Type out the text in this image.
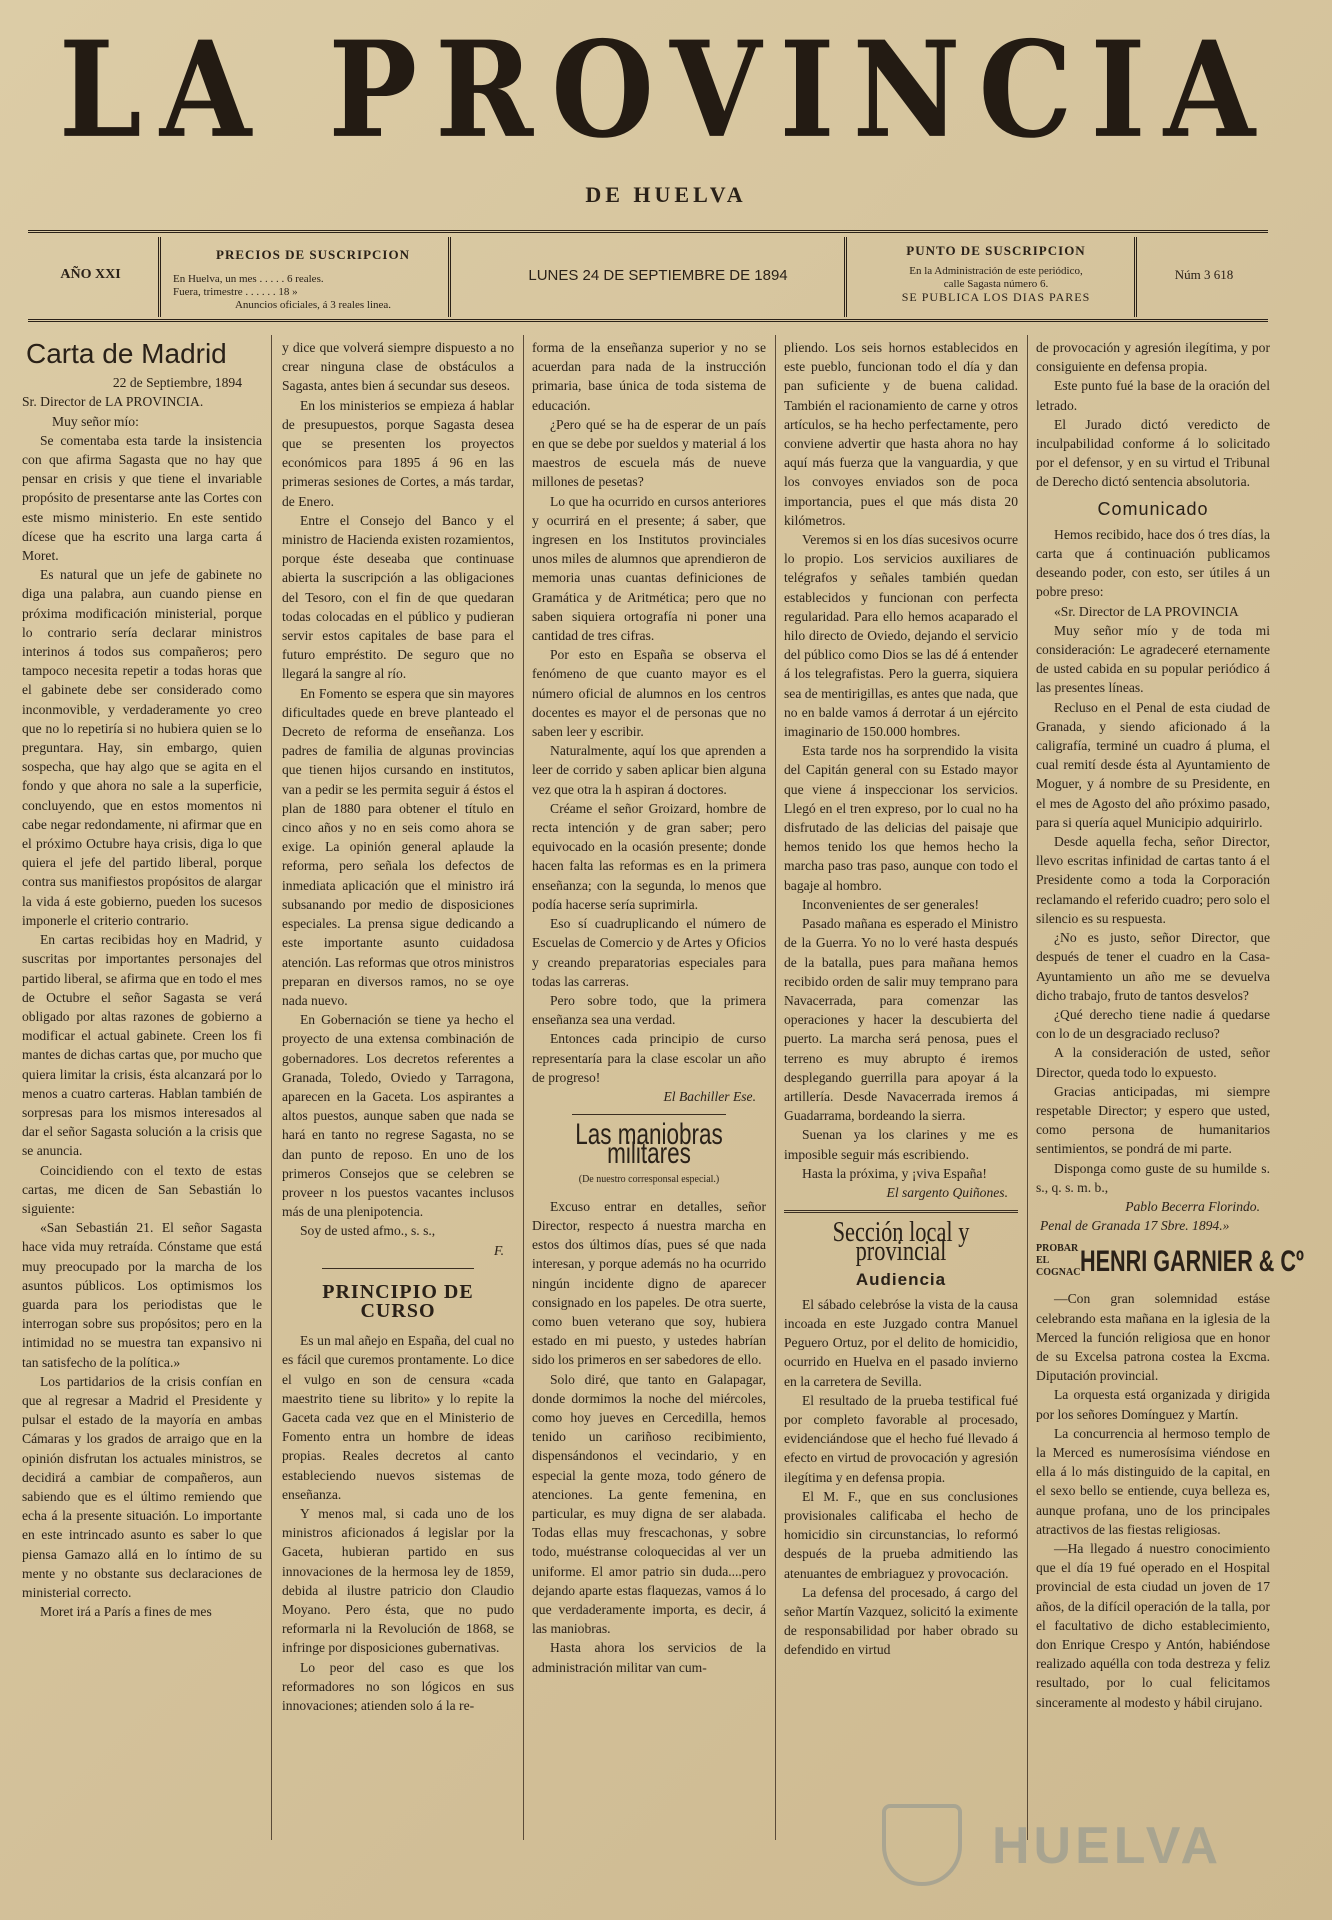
LA PROVINCIA
DE HUELVA
AÑO XXI
PRECIOS DE SUSCRIPCION
En Huelva, un mes . . . . . 6 reales.
Fuera, trimestre . . . . . . 18 »
Anuncios oficiales, á 3 reales linea.
LUNES 24 DE SEPTIEMBRE DE 1894
PUNTO DE SUSCRIPCION
En la Administración de este periódico,
calle Sagasta número 6.
SE PUBLICA LOS DIAS PARES
Núm 3 618
Carta de Madrid

22 de Septiembre, 1894

Sr. Director de LA PROVINCIA.

Muy señor mío:

Se comentaba esta tarde la insistencia con que afirma Sagasta que no hay que pensar en crisis y que tiene el invariable propósito de presentarse ante las Cortes con este mismo ministerio. En este sentido dícese que ha escrito una larga carta á Moret.

Es natural que un jefe de gabinete no diga una palabra, aun cuando piense en próxima modificación ministerial, porque lo contrario sería declarar ministros interinos á todos sus compañeros; pero tampoco necesita repetir a todas horas que el gabinete debe ser considerado como inconmovible, y verdaderamente yo creo que no lo repetiría si no hubiera quien se lo preguntara. Hay, sin embargo, quien sospecha, que hay algo que se agita en el fondo y que ahora no sale a la superficie, concluyendo, que en estos momentos ni cabe negar redondamente, ni afirmar que en el próximo Octubre haya crisis, diga lo que quiera el jefe del partido liberal, porque contra sus manifiestos propósitos de alargar la vida á este gobierno, pueden los sucesos imponerle el criterio contrario.

En cartas recibidas hoy en Madrid, y suscritas por importantes personajes del partido liberal, se afirma que en todo el mes de Octubre el señor Sagasta se verá obligado por altas razones de gobierno a modificar el actual gabinete. Creen los fi mantes de dichas cartas que, por mucho que quiera limitar la crisis, ésta alcanzará por lo menos a cuatro carteras. Hablan también de sorpresas para los mismos interesados al dar el señor Sagasta solución a la crisis que se anuncia.

Coincidiendo con el texto de estas cartas, me dicen de San Sebastián lo siguiente:

«San Sebastián 21. El señor Sagasta hace vida muy retraída. Cónstame que está muy preocupado por la marcha de los asuntos públicos. Los optimismos los guarda para los periodistas que le interrogan sobre sus propósitos; pero en la intimidad no se muestra tan expansivo ni tan satisfecho de la política.»

Los partidarios de la crisis confían en que al regresar a Madrid el Presidente y pulsar el estado de la mayoría en ambas Cámaras y los grados de arraigo que en la opinión disfrutan los actuales ministros, se decidirá a cambiar de compañeros, aun sabiendo que es el último remiendo que echa á la presente situación. Lo importante en este intrincado asunto es saber lo que piensa Gamazo allá en lo íntimo de su mente y no obstante sus declaraciones de ministerial correcto.

Moret irá a París a fines de mes

y dice que volverá siempre dispuesto a no crear ninguna clase de obstáculos a Sagasta, antes bien á secundar sus deseos.

En los ministerios se empieza á hablar de presupuestos, porque Sagasta desea que se presenten los proyectos económicos para 1895 á 96 en las primeras sesiones de Cortes, a más tardar, de Enero.

Entre el Consejo del Banco y el ministro de Hacienda existen rozamientos, porque éste deseaba que continuase abierta la suscripción a las obligaciones del Tesoro, con el fin de que quedaran todas colocadas en el público y pudieran servir estos capitales de base para el futuro empréstito. De seguro que no llegará la sangre al río.

En Fomento se espera que sin mayores dificultades quede en breve planteado el Decreto de reforma de enseñanza. Los padres de familia de algunas provincias que tienen hijos cursando en institutos, van a pedir se les permita seguir á éstos el plan de 1880 para obtener el título en cinco años y no en seis como ahora se exige. La opinión general aplaude la reforma, pero señala los defectos de inmediata aplicación que el ministro irá subsanando por medio de disposiciones especiales. La prensa sigue dedicando a este importante asunto cuidadosa atención. Las reformas que otros ministros preparan en diversos ramos, no se oye nada nuevo.

En Gobernación se tiene ya hecho el proyecto de una extensa combinación de gobernadores. Los decretos referentes a Granada, Toledo, Oviedo y Tarragona, aparecen en la Gaceta. Los aspirantes a altos puestos, aunque saben que nada se hará en tanto no regrese Sagasta, no se dan punto de reposo. En uno de los primeros Consejos que se celebren se proveer n los puestos vacantes inclusos más de una plenipotencia.

Soy de usted afmo., s. s.,

F.

PRINCIPIO DE CURSO

Es un mal añejo en España, del cual no es fácil que curemos prontamente. Lo dice el vulgo en son de censura «cada maestrito tiene su librito» y lo repite la Gaceta cada vez que en el Ministerio de Fomento entra un hombre de ideas propias. Reales decretos al canto estableciendo nuevos sistemas de enseñanza.

Y menos mal, si cada uno de los ministros aficionados á legislar por la Gaceta, hubieran partido en sus innovaciones de la hermosa ley de 1859, debida al ilustre patricio don Claudio Moyano. Pero ésta, que no pudo reformarla ni la Revolución de 1868, se infringe por disposiciones gubernativas.

Lo peor del caso es que los reformadores no son lógicos en sus innovaciones; atienden solo á la re-

forma de la enseñanza superior y no se acuerdan para nada de la instrucción primaria, base única de toda sistema de educación.

¿Pero qué se ha de esperar de un país en que se debe por sueldos y material á los maestros de escuela más de nueve millones de pesetas?

Lo que ha ocurrido en cursos anteriores y ocurrirá en el presente; á saber, que ingresen en los Institutos provinciales unos miles de alumnos que aprendieron de memoria unas cuantas definiciones de Gramática y de Aritmética; pero que no saben siquiera ortografía ni poner una cantidad de tres cifras.

Por esto en España se observa el fenómeno de que cuanto mayor es el número oficial de alumnos en los centros docentes es mayor el de personas que no saben leer y escribir.

Naturalmente, aquí los que aprenden a leer de corrido y saben aplicar bien alguna vez que otra la h aspiran á doctores.

Créame el señor Groizard, hombre de recta intención y de gran saber; pero equivocado en la ocasión presente; donde hacen falta las reformas es en la primera enseñanza; con la segunda, lo menos que podía hacerse sería suprimirla.

Eso sí cuadruplicando el número de Escuelas de Comercio y de Artes y Oficios y creando preparatorias especiales para todas las carreras.

Pero sobre todo, que la primera enseñanza sea una verdad.

Entonces cada principio de curso representaría para la clase escolar un año de progreso!

El Bachiller Ese.

Las maniobras militares
(De nuestro corresponsal especial.)

Excuso entrar en detalles, señor Director, respecto á nuestra marcha en estos dos últimos días, pues sé que nada interesan, y porque además no ha ocurrido ningún incidente digno de aparecer consignado en los papeles. De otra suerte, como buen veterano que soy, hubiera estado en mi puesto, y ustedes habrían sido los primeros en ser sabedores de ello.

Solo diré, que tanto en Galapagar, donde dormimos la noche del miércoles, como hoy jueves en Cercedilla, hemos tenido un cariñoso recibimiento, dispensándonos el vecindario, y en especial la gente moza, todo género de atenciones. La gente femenina, en particular, es muy digna de ser alabada. Todas ellas muy frescachonas, y sobre todo, muéstranse coloquecidas al ver un uniforme. El amor patrio sin duda....pero dejando aparte estas flaquezas, vamos á lo que verdaderamente importa, es decir, á las maniobras.

Hasta ahora los servicios de la administración militar van cum-

pliendo. Los seis hornos establecidos en este pueblo, funcionan todo el día y dan pan suficiente y de buena calidad. También el racionamiento de carne y otros artículos, se ha hecho perfectamente, pero conviene advertir que hasta ahora no hay aquí más fuerza que la vanguardia, y que los convoyes enviados son de poca importancia, pues el que más dista 20 kilómetros.

Veremos si en los días sucesivos ocurre lo propio. Los servicios auxiliares de telégrafos y señales también quedan establecidos y funcionan con perfecta regularidad. Para ello hemos acaparado el hilo directo de Oviedo, dejando el servicio del público como Dios se las dé á entender á los telegrafistas. Pero la guerra, siquiera sea de mentirigillas, es antes que nada, que no en balde vamos á derrotar á un ejército imaginario de 150.000 hombres.

Esta tarde nos ha sorprendido la visita del Capitán general con su Estado mayor que viene á inspeccionar los servicios. Llegó en el tren expreso, por lo cual no ha disfrutado de las delicias del paisaje que hemos tenido los que hemos hecho la marcha paso tras paso, aunque con todo el bagaje al hombro.

Inconvenientes de ser generales!

Pasado mañana es esperado el Ministro de la Guerra. Yo no lo veré hasta después de la batalla, pues para mañana hemos recibido orden de salir muy temprano para Navacerrada, para comenzar las operaciones y hacer la descubierta del puerto. La marcha será penosa, pues el terreno es muy abrupto é iremos desplegando guerrilla para apoyar á la artillería. Desde Navacerrada iremos á Guadarrama, bordeando la sierra.

Suenan ya los clarines y me es imposible seguir más escribiendo.

Hasta la próxima, y ¡viva España!

El sargento Quiñones.

Sección local y provincial
Audiencia

El sábado celebróse la vista de la causa incoada en este Juzgado contra Manuel Peguero Ortuz, por el delito de homicidio, ocurrido en Huelva en el pasado invierno en la carretera de Sevilla.

El resultado de la prueba testifical fué por completo favorable al procesado, evidenciándose que el hecho fué llevado á efecto en virtud de provocación y agresión ilegítima y en defensa propia.

El M. F., que en sus conclusiones provisionales calificaba el hecho de homicidio sin circunstancias, lo reformó después de la prueba admitiendo las atenuantes de embriaguez y provocación.

La defensa del procesado, á cargo del señor Martín Vazquez, solicitó la eximente de responsabilidad por haber obrado su defendido en virtud

de provocación y agresión ilegítima, y por consiguiente en defensa propia.

Este punto fué la base de la oración del letrado.

El Jurado dictó veredicto de inculpabilidad conforme á lo solicitado por el defensor, y en su virtud el Tribunal de Derecho dictó sentencia absolutoria.

Comunicado

Hemos recibido, hace dos ó tres días, la carta que á continuación publicamos deseando poder, con esto, ser útiles á un pobre preso:

«Sr. Director de LA PROVINCIA

Muy señor mío y de toda mi consideración: Le agradeceré eternamente de usted cabida en su popular periódico á las presentes líneas.

Recluso en el Penal de esta ciudad de Granada, y siendo aficionado á la caligrafía, terminé un cuadro á pluma, el cual remití desde ésta al Ayuntamiento de Moguer, y á nombre de su Presidente, en el mes de Agosto del año próximo pasado, para si quería aquel Municipio adquirirlo.

Desde aquella fecha, señor Director, llevo escritas infinidad de cartas tanto á el Presidente como a toda la Corporación reclamando el referido cuadro; pero solo el silencio es su respuesta.

¿No es justo, señor Director, que después de tener el cuadro en la Casa-Ayuntamiento un año me se devuelva dicho trabajo, fruto de tantos desvelos?

¿Qué derecho tiene nadie á quedarse con lo de un desgraciado recluso?

A la consideración de usted, señor Director, queda todo lo expuesto.

Gracias anticipadas, mi siempre respetable Director; y espero que usted, como persona de humanitarios sentimientos, se pondrá de mi parte.

Disponga como guste de su humilde s. s., q. s. m. b.,

Pablo Becerra Florindo.

Penal de Granada 17 Sbre. 1894.»

PROBAR EL COGNAC HENRI GARNIER & Cº

—Con gran solemnidad estáse celebrando esta mañana en la iglesia de la Merced la función religiosa que en honor de su Excelsa patrona costea la Excma. Diputación provincial.

La orquesta está organizada y dirigida por los señores Domínguez y Martín.

La concurrencia al hermoso templo de la Merced es numerosísima viéndose en ella á lo más distinguido de la capital, en el sexo bello se entiende, cuya belleza es, aunque profana, uno de los principales atractivos de las fiestas religiosas.

—Ha llegado á nuestro conocimiento que el día 19 fué operado en el Hospital provincial de esta ciudad un joven de 17 años, de la difícil operación de la talla, por el facultativo de dicho establecimiento, don Enrique Crespo y Antón, habiéndose realizado aquélla con toda destreza y feliz resultado, por lo cual felicitamos sinceramente al modesto y hábil cirujano.

HUELVA
